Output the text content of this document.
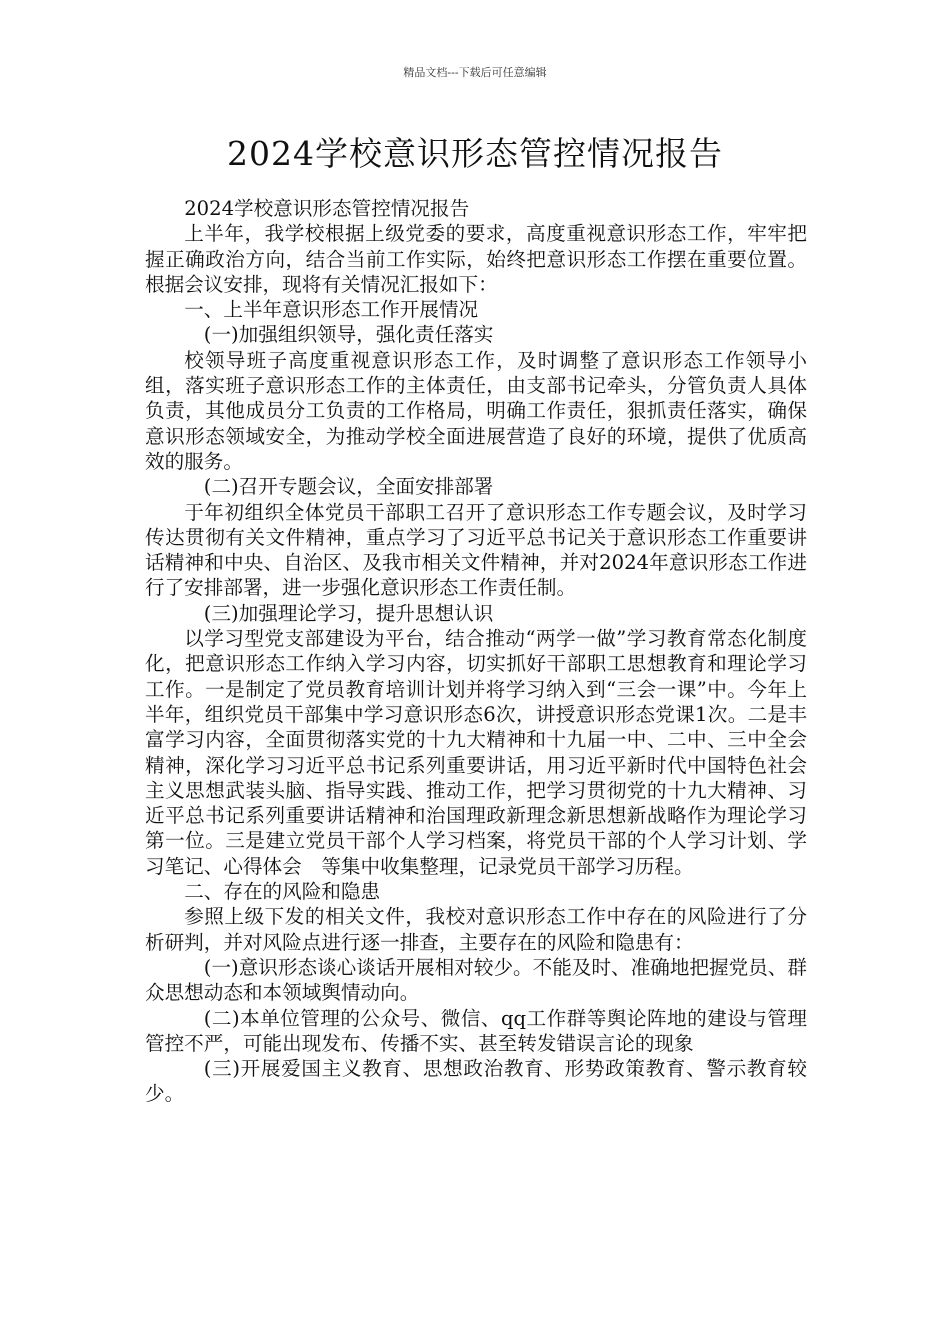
精品文档---下载后可任意编辑
2024学校意识形态管控情况报告

2024学校意识形态管控情况报告

上半年，我学校根据上级党委的要求，高度重视意识形态工作，牢牢把握正确政治方向，结合当前工作实际，始终把意识形态工作摆在重要位置。根据会议安排，现将有关情况汇报如下：

一、上半年意识形态工作开展情况

(一)加强组织领导，强化责任落实

校领导班子高度重视意识形态工作，及时调整了意识形态工作领导小组，落实班子意识形态工作的主体责任，由支部书记牵头，分管负责人具体负责，其他成员分工负责的工作格局，明确工作责任，狠抓责任落实，确保意识形态领域安全，为推动学校全面进展营造了良好的环境，提供了优质高效的服务。

(二)召开专题会议，全面安排部署

于年初组织全体党员干部职工召开了意识形态工作专题会议，及时学习传达贯彻有关文件精神，重点学习了习近平总书记关于意识形态工作重要讲话精神和中央、自治区、及我市相关文件精神，并对2024年意识形态工作进行了安排部署，进一步强化意识形态工作责任制。

(三)加强理论学习，提升思想认识

以学习型党支部建设为平台，结合推动“两学一做”学习教育常态化制度化，把意识形态工作纳入学习内容，切实抓好干部职工思想教育和理论学习工作。一是制定了党员教育培训计划并将学习纳入到“三会一课”中。今年上半年，组织党员干部集中学习意识形态6次，讲授意识形态党课1次。二是丰富学习内容，全面贯彻落实党的十九大精神和十九届一中、二中、三中全会精神，深化学习习近平总书记系列重要讲话，用习近平新时代中国特色社会主义思想武装头脑、指导实践、推动工作，把学习贯彻党的十九大精神、习近平总书记系列重要讲话精神和治国理政新理念新思想新战略作为理论学习第一位。三是建立党员干部个人学习档案，将党员干部的个人学习计划、学习笔记、心得体会　等集中收集整理，记录党员干部学习历程。

二、存在的风险和隐患

参照上级下发的相关文件，我校对意识形态工作中存在的风险进行了分析研判，并对风险点进行逐一排查，主要存在的风险和隐患有：

(一)意识形态谈心谈话开展相对较少。不能及时、准确地把握党员、群众思想动态和本领域舆情动向。

(二)本单位管理的公众号、微信、qq工作群等舆论阵地的建设与管理管控不严，可能出现发布、传播不实、甚至转发错误言论的现象

(三)开展爱国主义教育、思想政治教育、形势政策教育、警示教育较少。
